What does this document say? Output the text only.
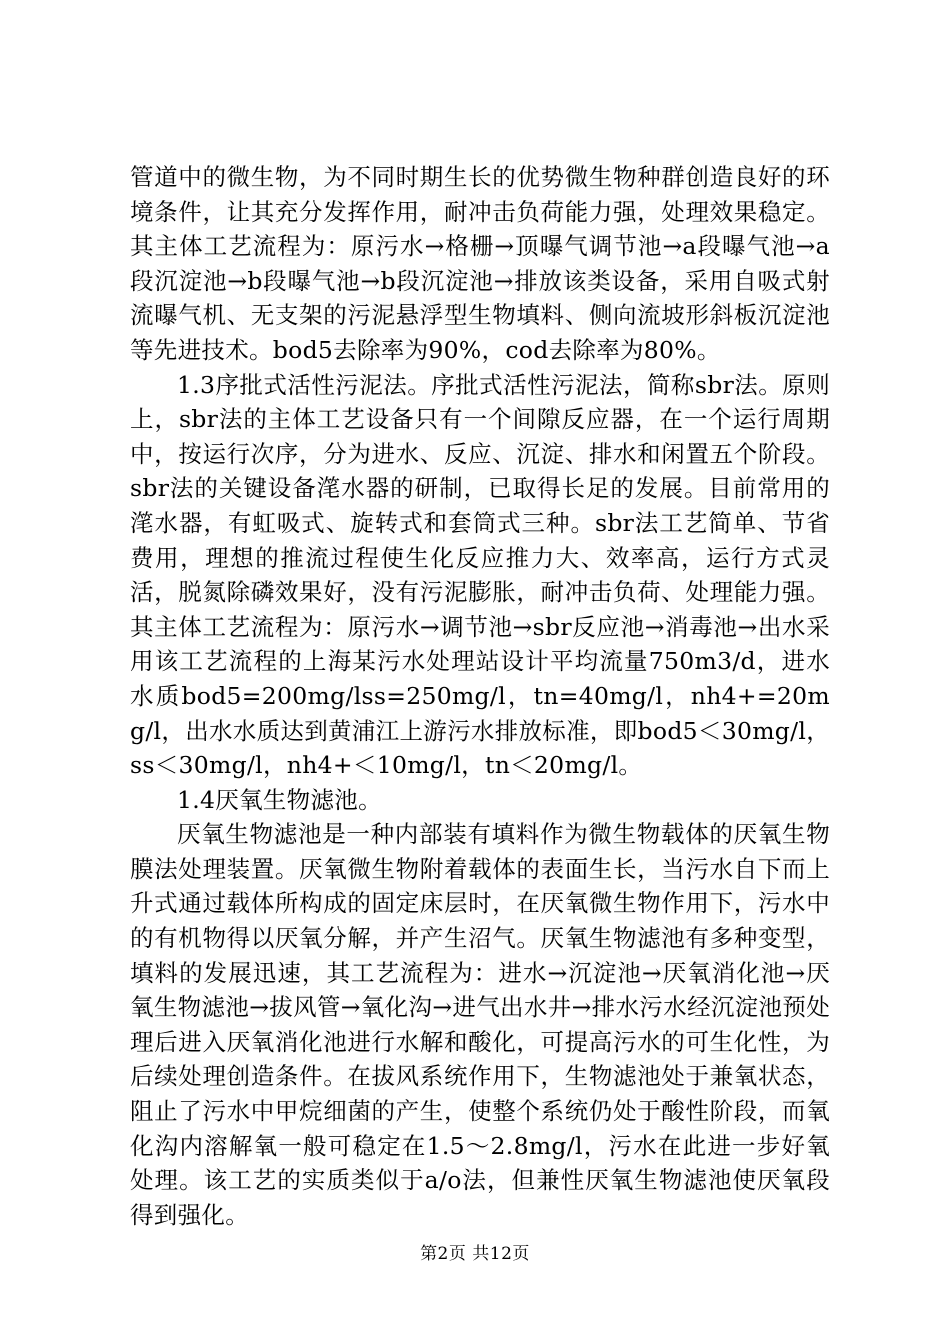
管道中的微生物，为不同时期生长的优势微生物种群创造良好的环境条件，让其充分发挥作用，耐冲击负荷能力强，处理效果稳定。其主体工艺流程为：原污水→格栅→顶曝气调节池→a段曝气池→a段沉淀池→b段曝气池→b段沉淀池→排放该类设备，采用自吸式射流曝气机、无支架的污泥悬浮型生物填料、侧向流坡形斜板沉淀池等先进技术。bod5去除率为90%，cod去除率为80%。

1.3序批式活性污泥法。序批式活性污泥法，简称sbr法。原则上，sbr法的主体工艺设备只有一个间隙反应器，在一个运行周期中，按运行次序，分为进水、反应、沉淀、排水和闲置五个阶段。sbr法的关键设备滗水器的研制，已取得长足的发展。目前常用的滗水器，有虹吸式、旋转式和套筒式三种。sbr法工艺简单、节省费用，理想的推流过程使生化反应推力大、效率高，运行方式灵活，脱氮除磷效果好，没有污泥膨胀，耐冲击负荷、处理能力强。其主体工艺流程为：原污水→调节池→sbr反应池→消毒池→出水采用该工艺流程的上海某污水处理站设计平均流量750m3/d，进水水质bod5=200mg/lss=250mg/l，tn=40mg/l，nh4+=20mg/l，出水水质达到黄浦江上游污水排放标准，即bod5＜30mg/l，ss＜30mg/l，nh4+＜10mg/l，tn＜20mg/l。

1.4厌氧生物滤池。

厌氧生物滤池是一种内部装有填料作为微生物载体的厌氧生物膜法处理装置。厌氧微生物附着载体的表面生长，当污水自下而上升式通过载体所构成的固定床层时，在厌氧微生物作用下，污水中的有机物得以厌氧分解，并产生沼气。厌氧生物滤池有多种变型，填料的发展迅速，其工艺流程为：进水→沉淀池→厌氧消化池→厌氧生物滤池→拔风管→氧化沟→进气出水井→排水污水经沉淀池预处理后进入厌氧消化池进行水解和酸化，可提高污水的可生化性，为后续处理创造条件。在拔风系统作用下，生物滤池处于兼氧状态，阻止了污水中甲烷细菌的产生，使整个系统仍处于酸性阶段，而氧化沟内溶解氧一般可稳定在1.5～2.8mg/l，污水在此进一步好氧处理。该工艺的实质类似于a/o法，但兼性厌氧生物滤池使厌氧段得到强化。

第2页 共12页
